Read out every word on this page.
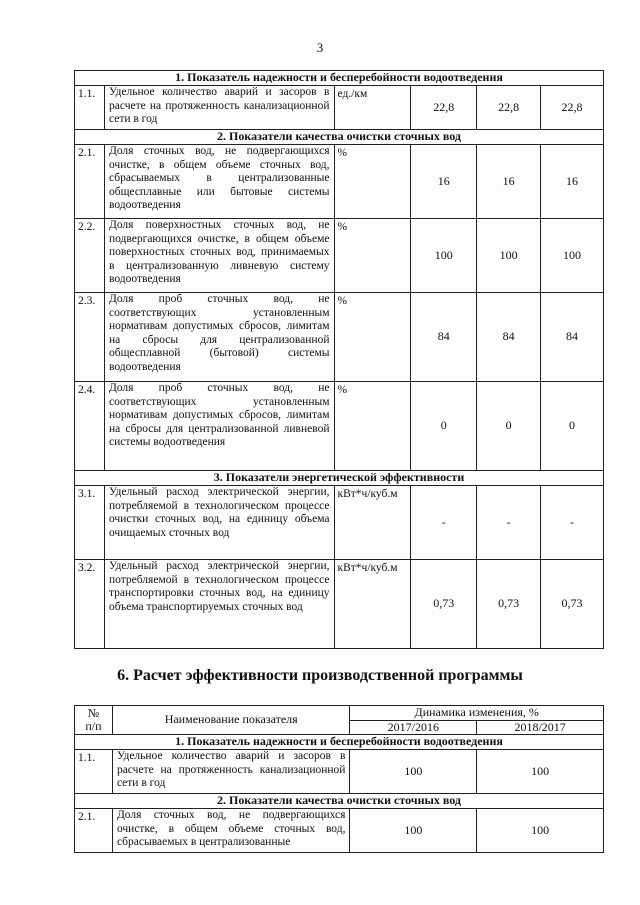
3
1. Показатель надежности и бесперебойности водоотведения					
1.1.	Удельное количество аварий и засоров в расчете на протяженность канализационной сети в год	ед./км	22,8	22,8	22,8
2. Показатели качества очистки сточных вод					
2.1.	Доля сточных вод, не подвергающихся очистке, в общем объеме сточных вод, сбрасываемых в централизованные общесплавные или бытовые системы водоотведения	%	16	16	16
2.2.	Доля поверхностных сточных вод, не подвергающихся очистке, в общем объеме поверхностных сточных вод, принимаемых в централизованную ливневую систему водоотведения	%	100	100	100
2.3.	Доля проб сточных вод, не соответствующих установленным нормативам допустимых сбросов, лимитам на сбросы для централизованной общесплавной (бытовой) системы водоотведения	%	84	84	84
2.4.	Доля проб сточных вод, не соответствующих установленным нормативам допустимых сбросов, лимитам на сбросы для централизованной ливневой системы водоотведения	%	0	0	0
3. Показатели энергетической эффективности					
3.1.	Удельный расход электрической энергии, потребляемой в технологическом процессе очистки сточных вод, на единицу объема очищаемых сточных вод	кВт*ч/куб.м	-	-	-
3.2.	Удельный расход электрической энергии, потребляемой в технологическом процессе транспортировки сточных вод, на единицу объема транспортируемых сточных вод	кВт*ч/куб.м	0,73	0,73	0,73
6. Расчет эффективности производственной программы
№
п/п	Наименование показателя	Динамика изменения, %	
		2017/2016	2018/2017
1. Показатель надежности и бесперебойности водоотведения			
1.1.	Удельное количество аварий и засоров в расчете на протяженность канализационной сети в год	100	100
2. Показатели качества очистки сточных вод			
2.1.	Доля сточных вод, не подвергающихся очистке, в общем объеме сточных вод, сбрасываемых в централизованные	100	100
